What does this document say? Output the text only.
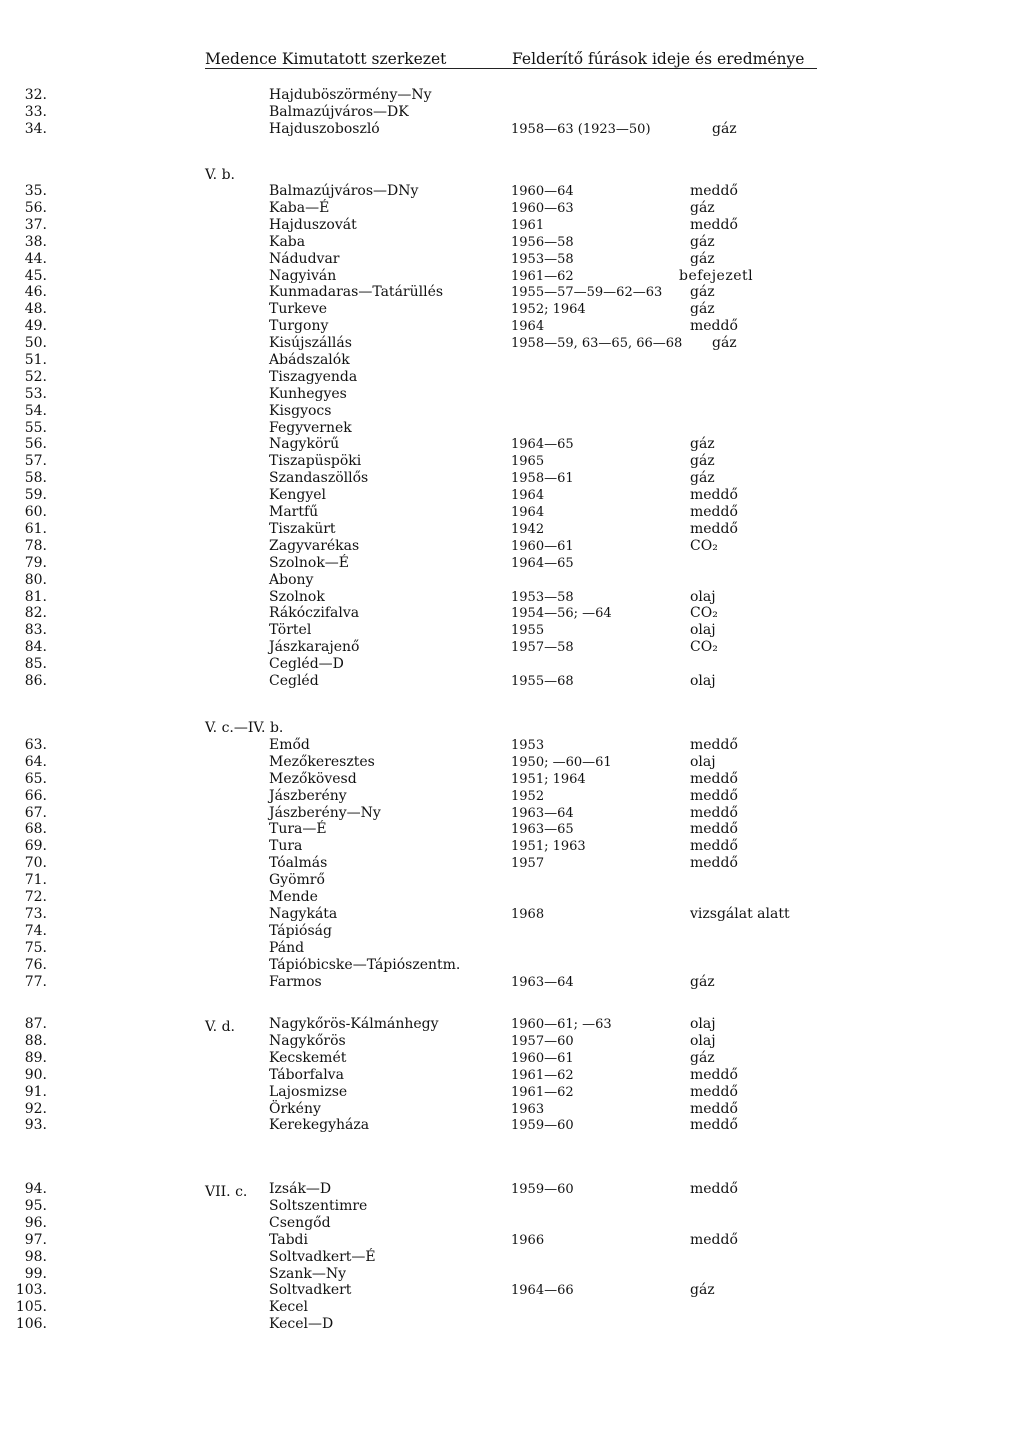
Medence Kimutatott szerkezet	Felderítő fúrások ideje és eredménye
32.	Hajduböszörmény—Ny
33.	Balmazújváros—DK
34.	Hajduszoboszló	1958—63 (1923—50)	gáz
V. b.
35.	Balmazújváros—DNy	1960—64	meddő
56.	Kaba—É	1960—63	gáz
37.	Hajduszovát	1961	meddő
38.	Kaba	1956—58	gáz
44.	Nádudvar	1953—58	gáz
45.	Nagyiván	1961—62	befejezetl
46.	Kunmadaras—Tatárüllés	1955—57—59—62—63 gáz
48.	Turkeve	1952; 1964	gáz
49.	Turgony	1964	meddő
50.	Kisújszállás	1958—59, 63—65, 66—68 gáz
51.	Abádszalók
52.	Tiszagyenda
53.	Kunhegyes
54.	Kisgyocs
55.	Fegyvernek
56.	Nagykörű	1964—65	gáz
57.	Tiszapüspöki	1965	gáz
58.	Szandaszöllős	1958—61	gáz
59.	Kengyel	1964	meddő
60.	Martfű	1964	meddő
61.	Tiszakürt	1942	meddő
78.	Zagyvarékas	1960—61	CO₂
79.	Szolnok—É	1964—65
80.	Abony
81.	Szolnok	1953—58	olaj
82.	Rákóczifalva	1954—56; —64	CO₂
83.	Törtel	1955	olaj
84.	Jászkarajenő	1957—58	CO₂
85.	Cegléd—D
86.	Cegléd	1955—68	olaj
V. c.—IV. b.
63.	Emőd	1953	meddő
64.	Mezőkeresztes	1950; —60—61	olaj
65.	Mezőkövesd	1951; 1964	meddő
66.	Jászberény	1952	meddő
67.	Jászberény—Ny	1963—64	meddő
68.	Tura—É	1963—65	meddő
69.	Tura	1951; 1963	meddő
70.	Tóalmás	1957	meddő
71.	Gyömrő
72.	Mende
73.	Nagykáta	1968	vizsgálat alatt
74.	Tápióság
75.	Pánd
76.	Tápióbicske—Tápiószentm.
77.	Farmos	1963—64	gáz
V. d.
87.	Nagykőrös-Kálmánhegy	1960—61; —63	olaj
88.	Nagykőrös	1957—60	olaj
89.	Kecskemét	1960—61	gáz
90.	Táborfalva	1961—62	meddő
91.	Lajosmizse	1961—62	meddő
92.	Örkény	1963	meddő
93.	Kerekegyháza	1959—60	meddő
VII. c.
94.	Izsák—D	1959—60	meddő
95.	Soltszentimre
96.	Csengőd
97.	Tabdi	1966	meddő
98.	Soltvadkert—É
99.	Szank—Ny
103.	Soltvadkert	1964—66	gáz
105.	Kecel
106.	Kecel—D
